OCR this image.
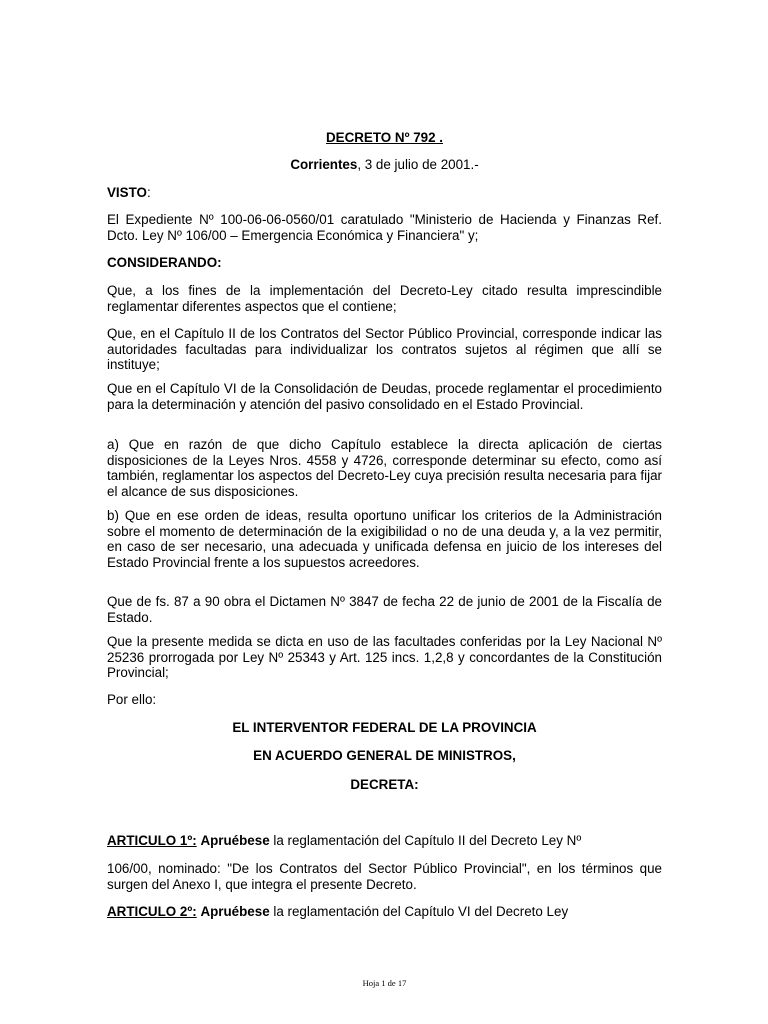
DECRETO Nº 792 .
Corrientes, 3 de julio de 2001.-
VISTO:
El Expediente Nº 100-06-06-0560/01 caratulado "Ministerio de Hacienda y Finanzas Ref. Dcto. Ley Nº 106/00 – Emergencia Económica y Financiera" y;
CONSIDERANDO:
Que, a los fines de la implementación del Decreto-Ley citado resulta imprescindible reglamentar diferentes aspectos que el contiene;
Que, en el Capítulo II de los Contratos del Sector Público Provincial, corresponde indicar las autoridades facultadas para individualizar los contratos sujetos al régimen que allí se instituye;
Que en el Capítulo VI de la Consolidación de Deudas, procede reglamentar el procedimiento para la determinación y atención del pasivo consolidado en el Estado Provincial.
a) Que en razón de que dicho Capítulo establece la directa aplicación de ciertas disposiciones de la Leyes Nros. 4558 y 4726, corresponde determinar su efecto, como así también, reglamentar los aspectos del Decreto-Ley cuya precisión resulta necesaria para fijar el alcance de sus disposiciones.
b) Que en ese orden de ideas, resulta oportuno unificar los criterios de la Administración sobre el momento de determinación de la exigibilidad o no de una deuda y, a la vez permitir, en caso de ser necesario, una adecuada y unificada defensa en juicio de los intereses del Estado Provincial frente a los supuestos acreedores.
Que de fs. 87 a 90 obra el Dictamen Nº 3847 de fecha 22 de junio de 2001 de la Fiscalía de Estado.
Que la presente medida se dicta en uso de las facultades conferidas por la Ley Nacional Nº 25236 prorrogada por Ley Nº 25343 y Art. 125 incs. 1,2,8 y concordantes de la Constitución Provincial;
Por ello:
EL INTERVENTOR FEDERAL DE LA PROVINCIA
EN ACUERDO GENERAL DE MINISTROS,
DECRETA:
ARTICULO 1º: Apruébese la reglamentación del Capítulo II del Decreto Ley Nº
106/00, nominado: "De los Contratos del Sector Público Provincial", en los términos que surgen del Anexo I, que integra el presente Decreto.
ARTICULO 2º: Apruébese la reglamentación del Capítulo VI del Decreto Ley
Hoja 1 de 17
